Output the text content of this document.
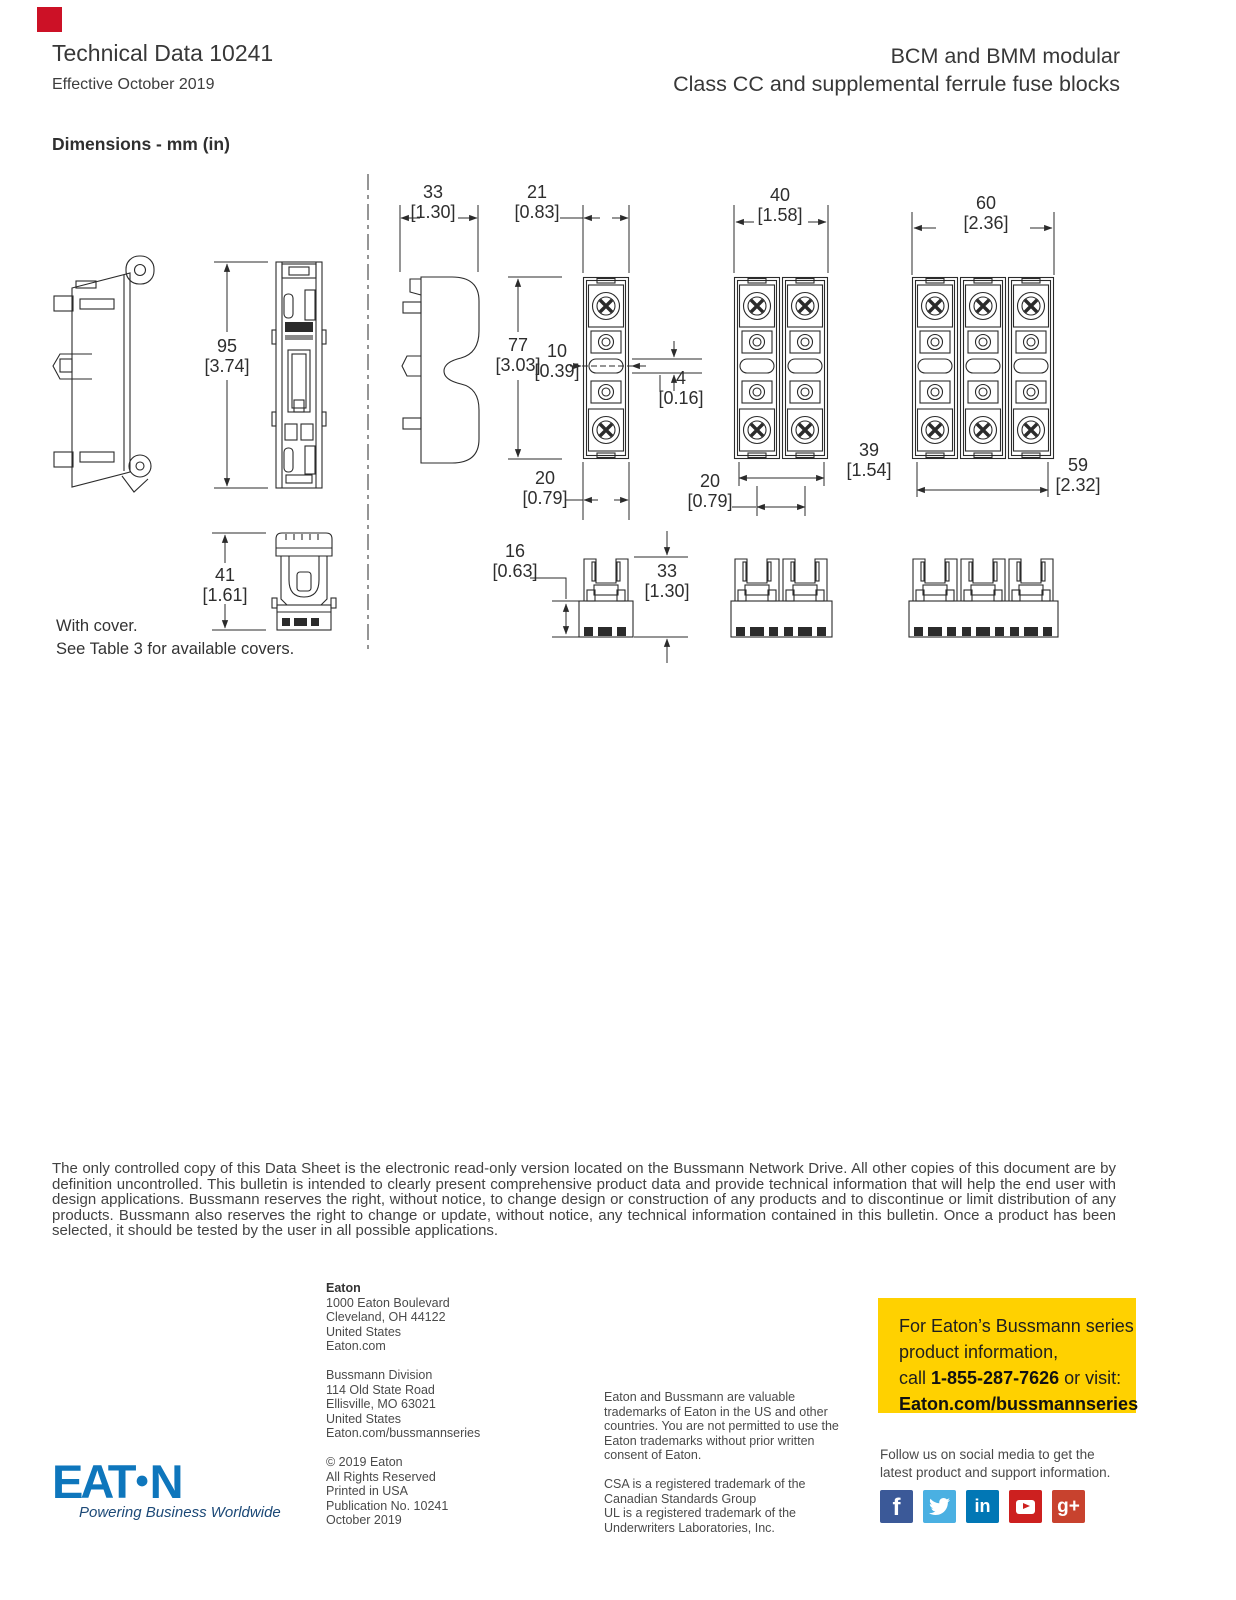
Technical Data 10241
Effective October 2019
BCM and BMM modular
Class CC and supplemental ferrule fuse blocks
Dimensions - mm (in)
95
[3.74]
33
[1.30]
21
[0.83]
77
[3.03]
10
[0.39]	4
[0.16]
20
[0.79]
40
[1.58]
39
[1.54]
20
[0.79]
60
[2.36]
59
[2.32]
41
[1.61]
16
[0.63]	33
[1.30]
With cover.
See Table 3 for available covers.
The only controlled copy of this Data Sheet is the electronic read-only version located on the Bussmann Network Drive. All other copies of this document are by definition uncontrolled. This bulletin is intended to clearly present comprehensive product data and provide technical information that will help the end user with design applications. Bussmann reserves the right, without notice, to change design or construction of any products and to discontinue or limit distribution of any products. Bussmann also reserves the right to change or update, without notice, any technical information contained in this bulletin. Once a product has been selected, it should be tested by the user in all possible applications.
Eaton
1000 Eaton Boulevard
Cleveland, OH 44122
United States
Eaton.com
Bussmann Division
114 Old State Road
Ellisville, MO 63021
United States
Eaton.com/bussmannseries
© 2019 Eaton
All Rights Reserved
Printed in USA
Publication No. 10241
October 2019

Eaton and Bussmann are valuable trademarks of Eaton in the US and other countries. You are not permitted to use the Eaton trademarks without prior written consent of Eaton.

CSA is a registered trademark of the Canadian Standards Group

UL is a registered trademark of the Underwriters Laboratories, Inc.

For Eaton’s Bussmann series
product information,
call 1-855-287-7626 or visit:
Eaton.com/bussmannseries
Follow us on social media to get the
latest product and support information.
f	in	g+
EAT ● N
Powering Business Worldwide
